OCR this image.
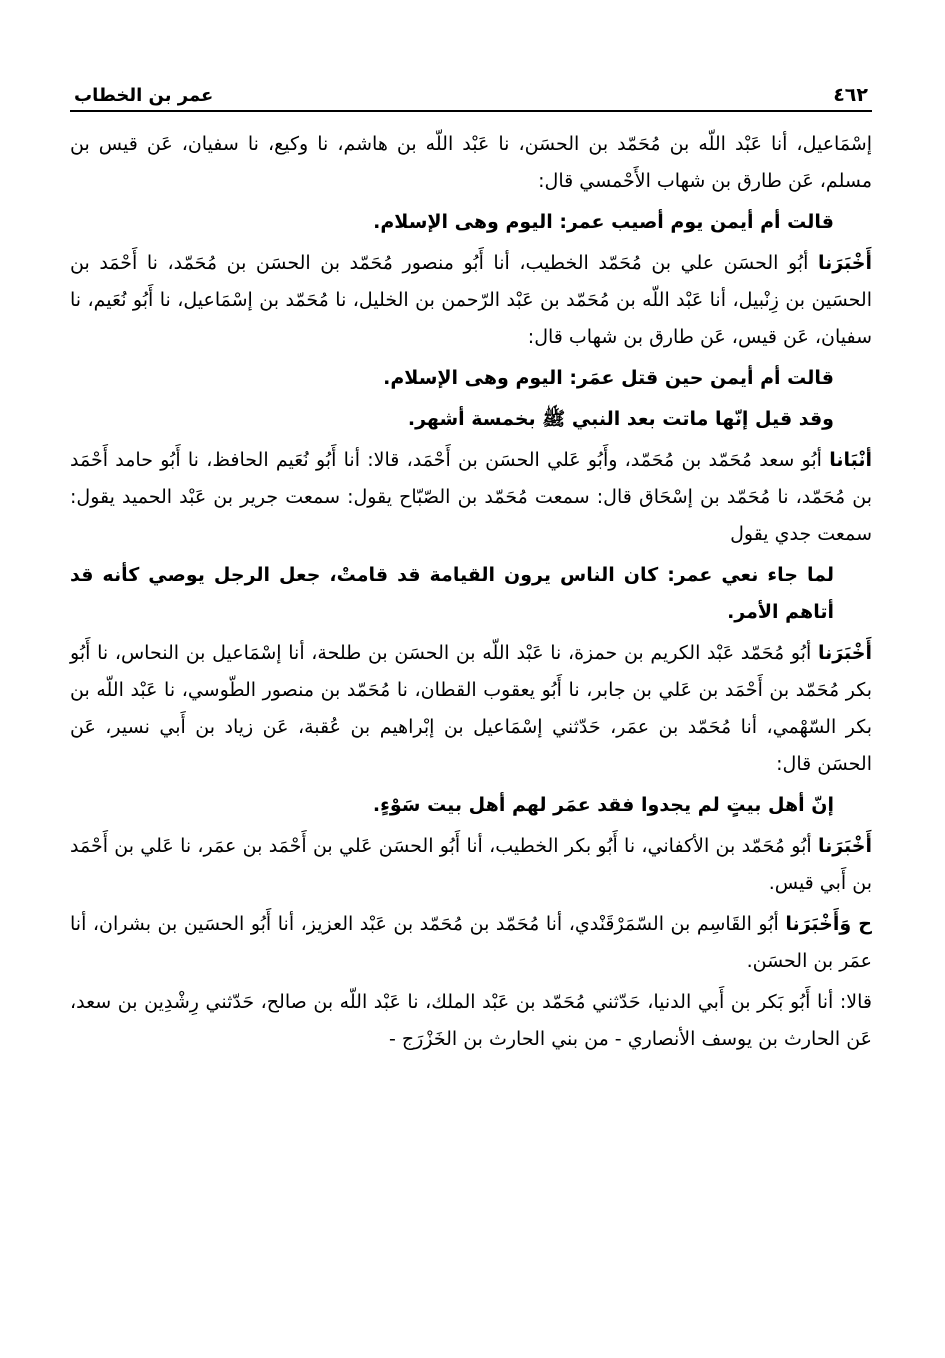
٤٦٢
عمر بن الخطاب

إسْمَاعيل، أنا عَبْد اللّه بن مُحَمّد بن الحسَن، نا عَبْد اللّه بن هاشم، نا وكيع، نا سفيان، عَن قيس بن مسلم، عَن طارق بن شهاب الأَحْمسي قال:

قالت أم أيمن يوم أصيب عمر: اليوم وهى الإسلام.

أَخْبَرَنا أبُو الحسَن علي بن مُحَمّد الخطيب، أنا أَبُو منصور مُحَمّد بن الحسَن بن مُحَمّد، نا أَحْمَد بن الحسَين بن زِنْبيل، أنا عَبْد اللّه بن مُحَمّد بن عَبْد الرّحمن بن الخليل، نا مُحَمّد بن إسْمَاعيل، نا أَبُو نُعَيم، نا سفيان، عَن قيس، عَن طارق بن شهاب قال:

قالت أم أيمن حين قتل عمَر: اليوم وهى الإسلام.

وقد قيل إنّها ماتت بعد النبي ﷺ بخمسة أشهر.

أنْبَانا أبُو سعد مُحَمّد بن مُحَمّد، وأَبُو عَلي الحسَن بن أَحْمَد، قالا: أنا أَبُو نُعَيم الحافظ، نا أَبُو حامد أَحْمَد بن مُحَمّد، نا مُحَمّد بن إسْحَاق قال: سمعت مُحَمّد بن الصّبّاح يقول: سمعت جرير بن عَبْد الحميد يقول: سمعت جدي يقول

لما جاء نعي عمر: كان الناس يرون القيامة قد قامتْ، جعل الرجل يوصي كأنه قد أتاهم الأمر.

أَخْبَرَنا أبُو مُحَمّد عَبْد الكريم بن حمزة، نا عَبْد اللّه بن الحسَن بن طلحة، أنا إسْمَاعيل بن النحاس، نا أَبُو بكر مُحَمّد بن أَحْمَد بن عَلي بن جابر، نا أَبُو يعقوب القطان، نا مُحَمّد بن منصور الطّوسي، نا عَبْد اللّه بن بكر السّهْمي، أنا مُحَمّد بن عمَر، حَدّثني إسْمَاعيل بن إبْراهيم بن عُقبة، عَن زياد بن أَبي نسير، عَن الحسَن قال:

إنّ أهل بيتٍ لم يجدوا فقد عمَر لهم أهل بيت سَوْءٍ.

أَخْبَرَنا أبُو مُحَمّد بن الأكفاني، نا أَبُو بكر الخطيب، أنا أَبُو الحسَن عَلي بن أَحْمَد بن عمَر، نا عَلي بن أَحْمَد بن أَبي قيس.

ح وَأَخْبَرَنا أبُو القَاسِم بن السّمَرْقَنْدي، أنا مُحَمّد بن مُحَمّد بن عَبْد العزيز، أنا أَبُو الحسَين بن بشران، أنا عمَر بن الحسَن.

قالا: أنا أَبُو بَكر بن أَبي الدنيا، حَدّثني مُحَمّد بن عَبْد الملك، نا عَبْد اللّه بن صالح، حَدّثني رِشْدِين بن سعد، عَن الحارث بن يوسف الأنصاري - من بني الحارث بن الخَزْرَج -
